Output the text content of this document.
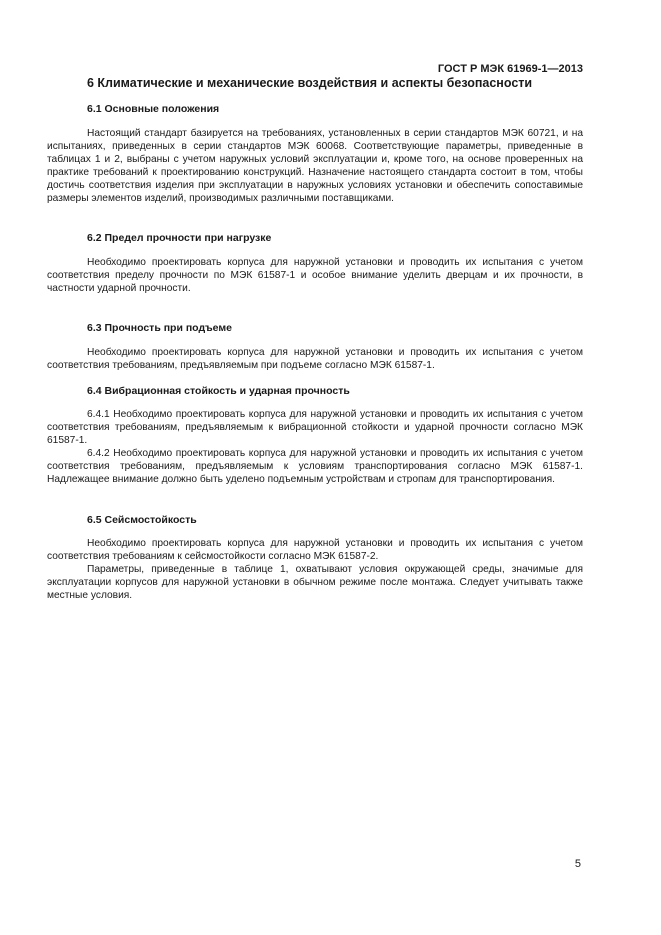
ГОСТ Р МЭК 61969-1—2013
6 Климатические и механические воздействия и аспекты безопасности
6.1 Основные положения

Настоящий стандарт базируется на требованиях, установленных в серии стандартов МЭК 60721, и на испытаниях, приведенных в серии стандартов МЭК 60068. Соответствующие параметры, приведенные в таблицах 1 и 2, выбраны с учетом наружных условий эксплуатации и, кроме того, на основе проверенных на практике требований к проектированию конструкций. Назначение настоящего стандарта состоит в том, чтобы достичь соответствия изделия при эксплуатации в наружных условиях установки и обеспечить сопоставимые размеры элементов изделий, производимых различными поставщиками.

6.2 Предел прочности при нагрузке

Необходимо проектировать корпуса для наружной установки и проводить их испытания с учетом соответствия пределу прочности по МЭК 61587-1 и особое внимание уделить дверцам и их прочности, в частности ударной прочности.

6.3 Прочность при подъеме

Необходимо проектировать корпуса для наружной установки и проводить их испытания с учетом соответствия требованиям, предъявляемым при подъеме согласно МЭК 61587-1.

6.4 Вибрационная стойкость и ударная прочность

6.4.1 Необходимо проектировать корпуса для наружной установки и проводить их испытания с учетом соответствия требованиям, предъявляемым к вибрационной стойкости и ударной прочности согласно МЭК 61587-1.

6.4.2 Необходимо проектировать корпуса для наружной установки и проводить их испытания с учетом соответствия требованиям, предъявляемым к условиям транспортирования согласно МЭК 61587-1. Надлежащее внимание должно быть уделено подъемным устройствам и стропам для транспортирования.

6.5 Сейсмостойкость

Необходимо проектировать корпуса для наружной установки и проводить их испытания с учетом соответствия требованиям к сейсмостойкости согласно МЭК 61587-2.

Параметры, приведенные в таблице 1, охватывают условия окружающей среды, значимые для эксплуатации корпусов для наружной установки в обычном режиме после монтажа. Следует учитывать также местные условия.

5
